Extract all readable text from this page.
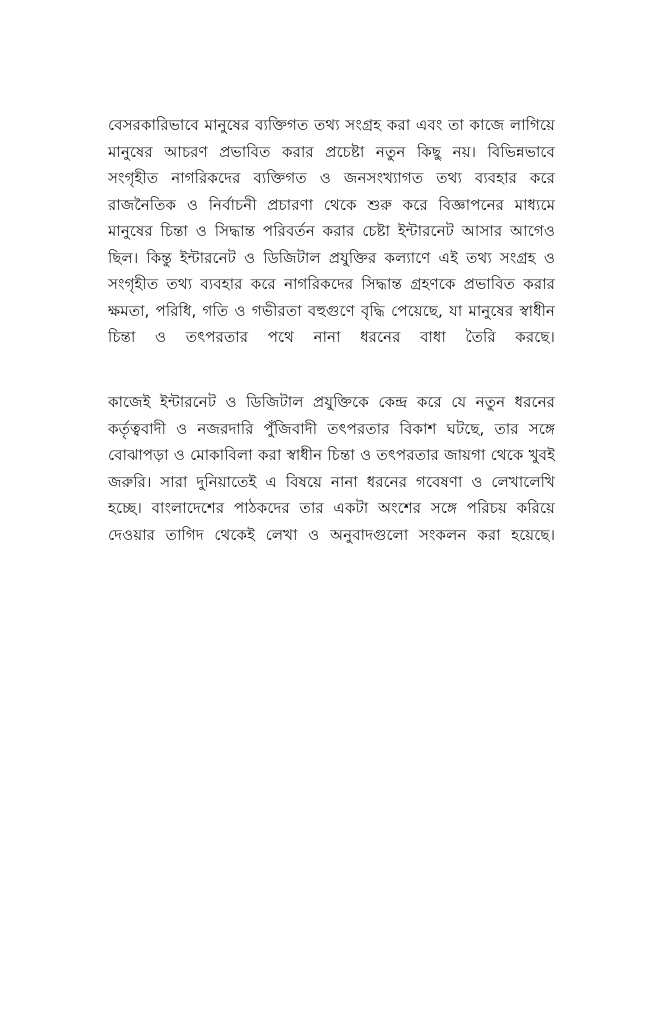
বেসরকারিভাবে মানুষের ব্যক্তিগত তথ্য সংগ্রহ করা এবং তা কাজে লাগিয়ে মানুষের আচরণ প্রভাবিত করার প্রচেষ্টা নতুন কিছু নয়। বিভিন্নভাবে সংগৃহীত নাগরিকদের ব্যক্তিগত ও জনসংখ্যাগত তথ্য ব্যবহার করে রাজনৈতিক ও নির্বাচনী প্রচারণা থেকে শুরু করে বিজ্ঞাপনের মাধ্যমে মানুষের চিন্তা ও সিদ্ধান্ত পরিবর্তন করার চেষ্টা ইন্টারনেট আসার আগেও ছিল। কিন্তু ইন্টারনেট ও ডিজিটাল প্রযুক্তির কল্যাণে এই তথ্য সংগ্রহ ও সংগৃহীত তথ্য ব্যবহার করে নাগরিকদের সিদ্ধান্ত গ্রহণকে প্রভাবিত করার ক্ষমতা, পরিধি, গতি ও গভীরতা বহুগুণে বৃদ্ধি পেয়েছে, যা মানুষের স্বাধীন চিন্তা ও তৎপরতার পথে নানা ধরনের বাধা তৈরি করছে।

কাজেই ইন্টারনেট ও ডিজিটাল প্রযুক্তিকে কেন্দ্র করে যে নতুন ধরনের কর্তৃত্ববাদী ও নজরদারি পুঁজিবাদী তৎপরতার বিকাশ ঘটছে, তার সঙ্গে বোঝাপড়া ও মোকাবিলা করা স্বাধীন চিন্তা ও তৎপরতার জায়গা থেকে খুবই জরুরি। সারা দুনিয়াতেই এ বিষয়ে নানা ধরনের গবেষণা ও লেখালেখি হচ্ছে। বাংলাদেশের পাঠকদের তার একটা অংশের সঙ্গে পরিচয় করিয়ে দেওয়ার তাগিদ থেকেই লেখা ও অনুবাদগুলো সংকলন করা হয়েছে।
